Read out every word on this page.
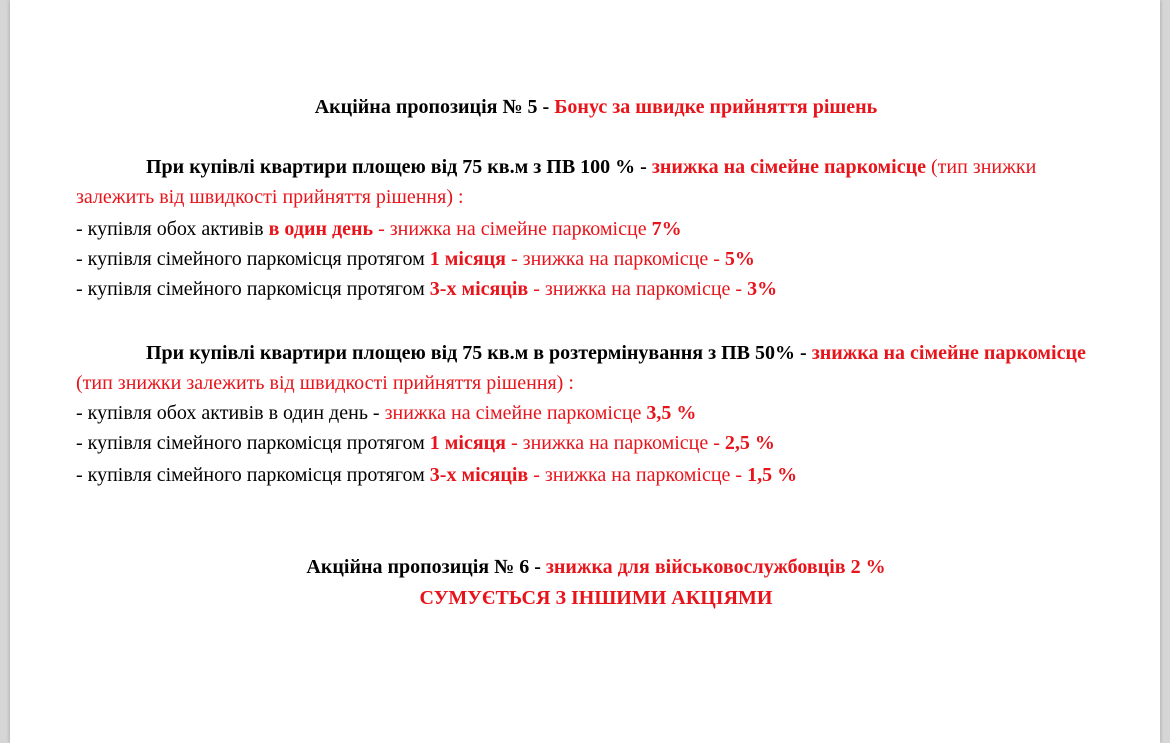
Акційна пропозиція № 5 - Бонус за швидке прийняття рішень
При купівлі квартири площею від 75 кв.м з ПВ 100 % - знижка на сімейне паркомісце (тип знижки залежить від швидкості прийняття рішення) :
- купівля обох активів в один день - знижка на сімейне паркомісце 7%
- купівля сімейного паркомісця протягом 1 місяця - знижка на паркомісце - 5%
- купівля сімейного паркомісця протягом 3-х місяців - знижка на паркомісце - 3%
При купівлі квартири площею від 75 кв.м в розтермінування з ПВ 50% - знижка на сімейне паркомісце (тип знижки залежить від швидкості прийняття рішення) :
- купівля обох активів в один день - знижка на сімейне паркомісце 3,5 %
- купівля сімейного паркомісця протягом 1 місяця - знижка на паркомісце - 2,5 %
- купівля сімейного паркомісця протягом 3-х місяців - знижка на паркомісце - 1,5 %
Акційна пропозиція № 6 - знижка для військовослужбовців 2 %
СУМУЄТЬСЯ З ІНШИМИ АКЦІЯМИ
